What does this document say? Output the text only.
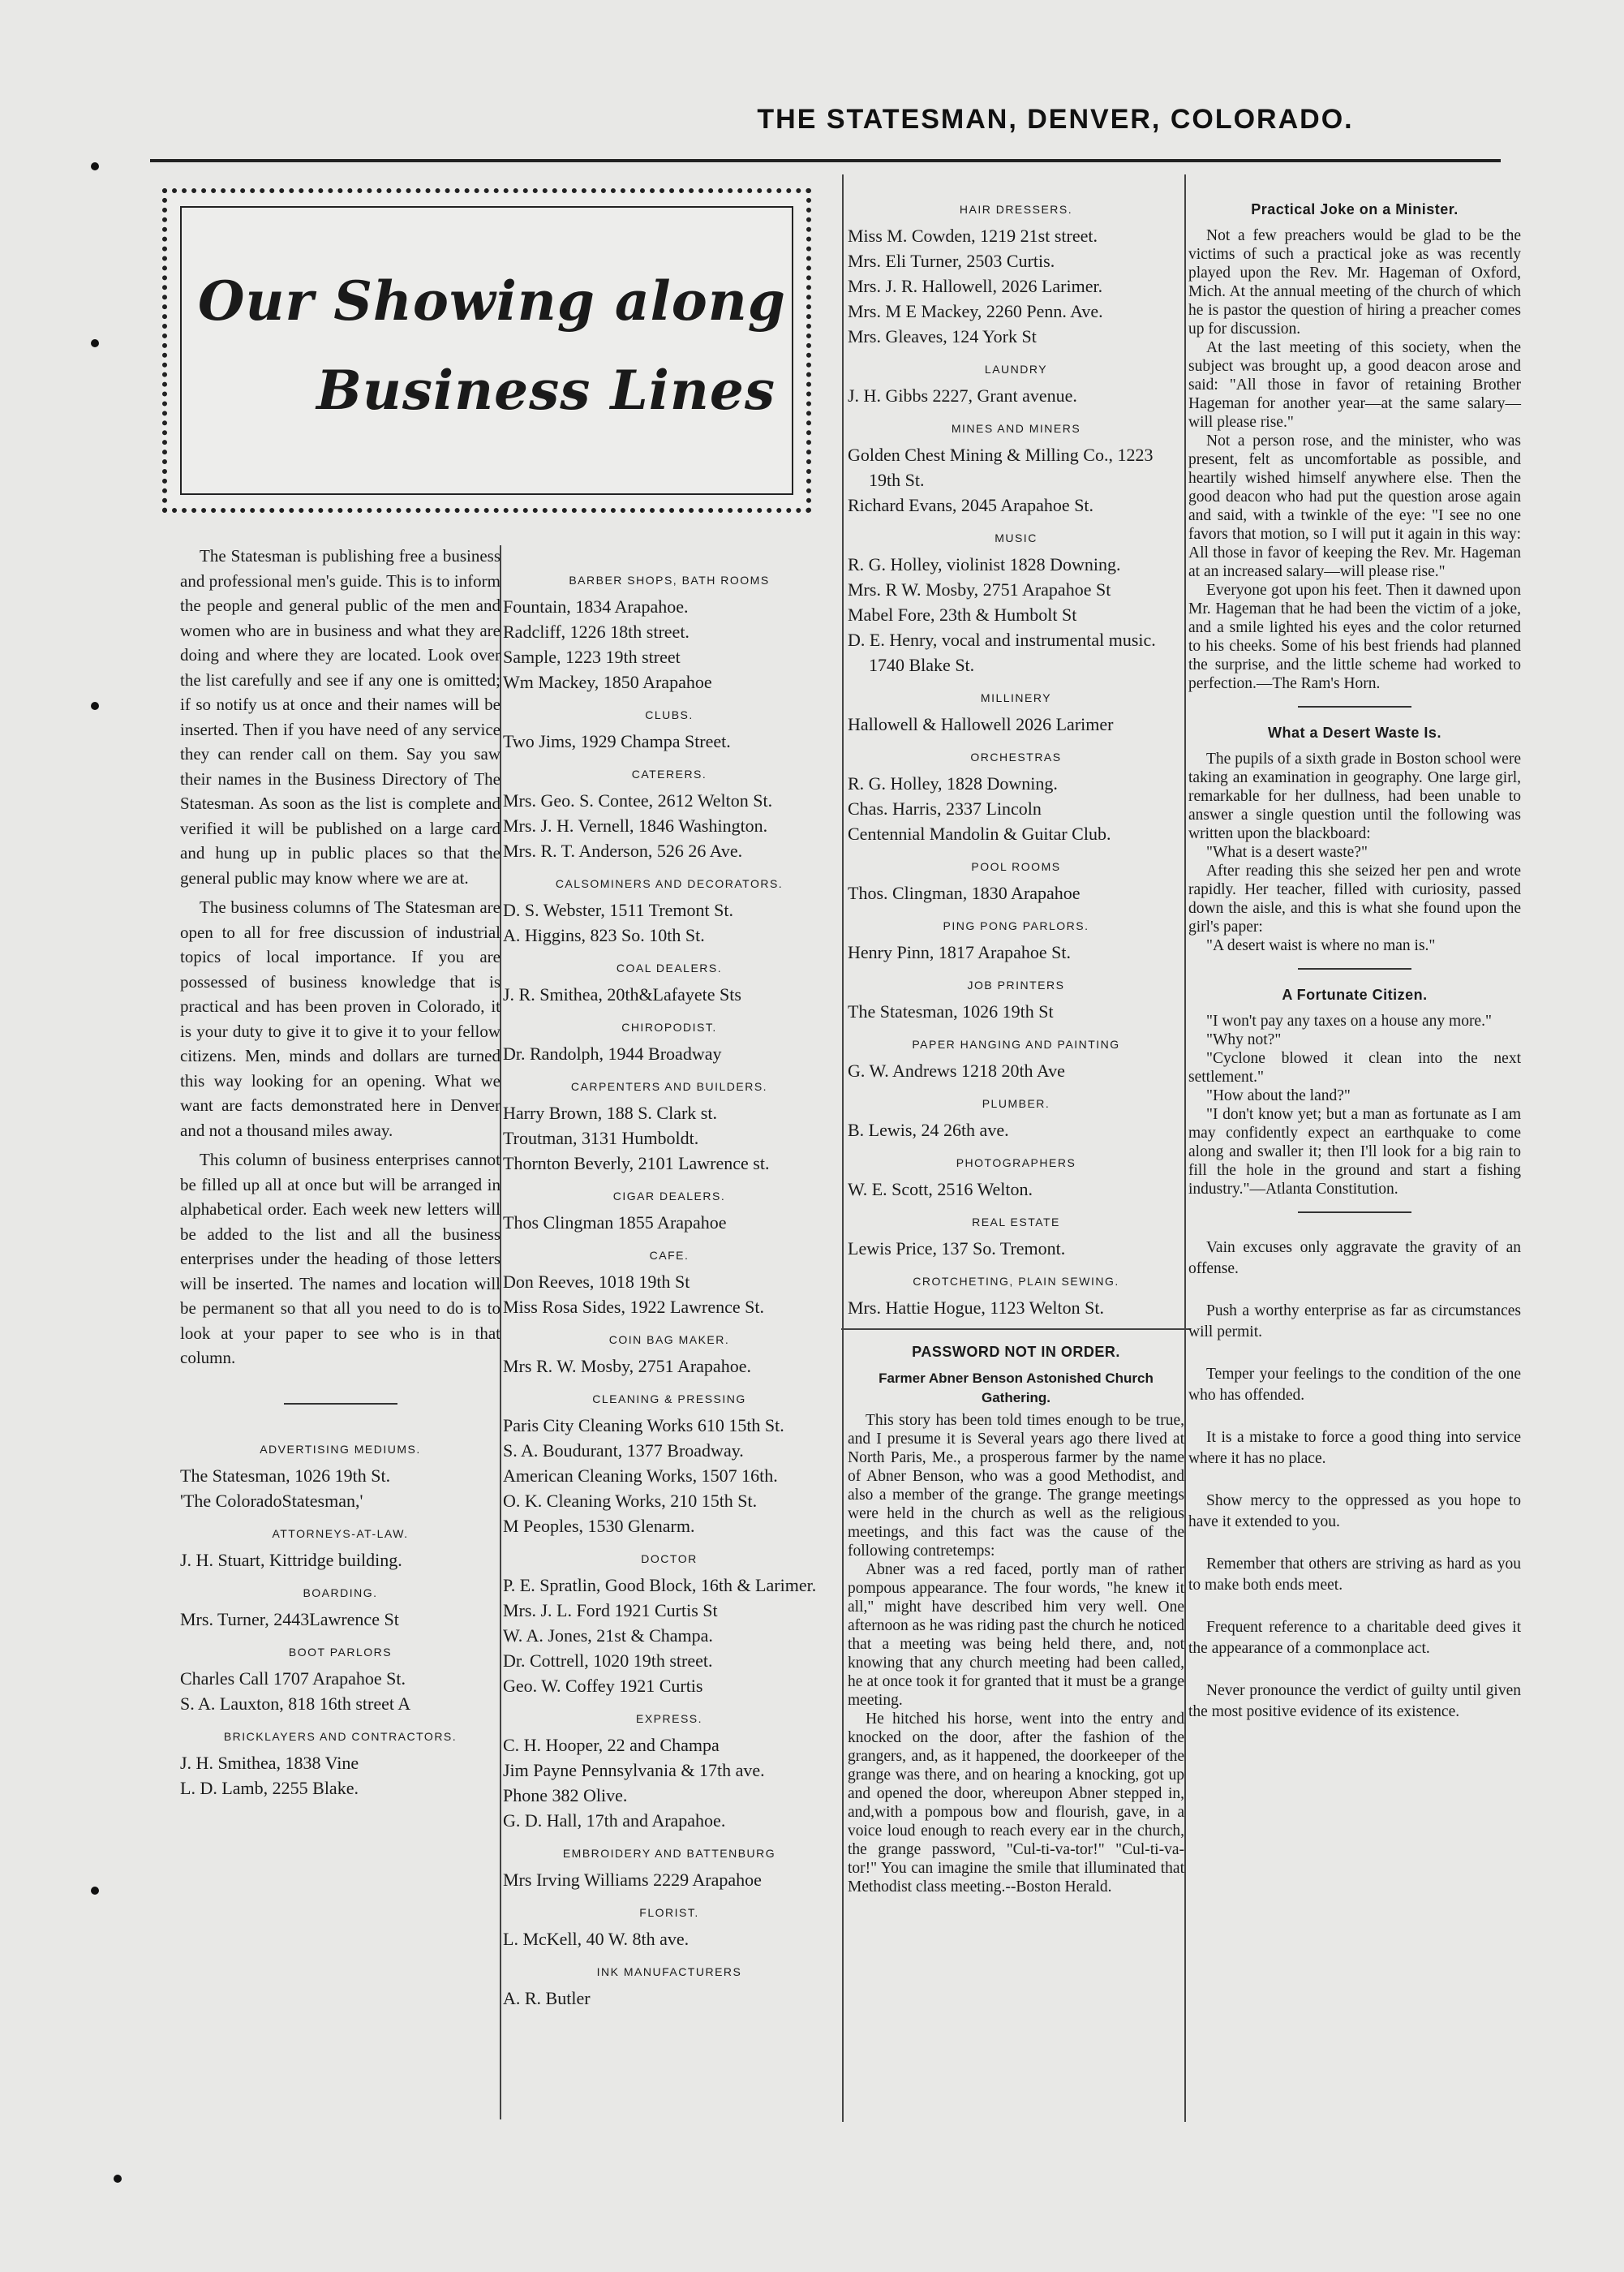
THE STATESMAN, DENVER, COLORADO.
Our Showing along
Business Lines

The Statesman is publishing free a business and professional men's guide. This is to inform the people and general public of the men and women who are in business and what they are doing and where they are located. Look over the list carefully and see if any one is omitted; if so notify us at once and their names will be inserted. Then if you have need of any service they can render call on them. Say you saw their names in the Business Directory of The Statesman. As soon as the list is complete and verified it will be published on a large card and hung up in public places so that the general public may know where we are at.

The business columns of The Statesman are open to all for free discussion of industrial topics of local importance. If you are possessed of business knowledge that is practical and has been proven in Colorado, it is your duty to give it to give it to your fellow citizens. Men, minds and dollars are turned this way looking for an opening. What we want are facts demonstrated here in Denver and not a thousand miles away.

This column of business enterprises cannot be filled up all at once but will be arranged in alphabetical order. Each week new letters will be added to the list and all the business enterprises under the heading of those letters will be inserted. The names and location will be permanent so that all you need to do is to look at your paper to see who is in that column.

ADVERTISING MEDIUMS.

The Statesman, 1026 19th St.

'The ColoradoStatesman,'

ATTORNEYS-AT-LAW.

J. H. Stuart, Kittridge building.

BOARDING.

Mrs. Turner, 2443Lawrence St

BOOT PARLORS

Charles Call 1707 Arapahoe St.

S. A. Lauxton, 818 16th street A

BRICKLAYERS AND CONTRACTORS.

J. H. Smithea, 1838 Vine

L. D. Lamb, 2255 Blake.

BARBER SHOPS, BATH ROOMS

Fountain, 1834 Arapahoe.

Radcliff, 1226 18th street.

Sample, 1223 19th street

Wm Mackey, 1850 Arapahoe

CLUBS.

Two Jims, 1929 Champa Street.

CATERERS.

Mrs. Geo. S. Contee, 2612 Welton St.

Mrs. J. H. Vernell, 1846 Washington.

Mrs. R. T. Anderson, 526 26 Ave.

CALSOMINERS AND DECORATORS.

D. S. Webster, 1511 Tremont St.

A. Higgins, 823 So. 10th St.

COAL DEALERS.

J. R. Smithea, 20th&Lafayete Sts

CHIROPODIST.

Dr. Randolph, 1944 Broadway

CARPENTERS AND BUILDERS.

Harry Brown, 188 S. Clark st.

Troutman, 3131 Humboldt.

Thornton Beverly, 2101 Lawrence st.

CIGAR DEALERS.

Thos Clingman 1855 Arapahoe

CAFE.

Don Reeves, 1018 19th St

Miss Rosa Sides, 1922 Lawrence St.

COIN BAG MAKER.

Mrs R. W. Mosby, 2751 Arapahoe.

CLEANING & PRESSING

Paris City Cleaning Works 610 15th St.

S. A. Boudurant, 1377 Broadway.

American Cleaning Works, 1507 16th.

O. K. Cleaning Works, 210 15th St.

M Peoples, 1530 Glenarm.

DOCTOR

P. E. Spratlin, Good Block, 16th & Larimer.

Mrs. J. L. Ford 1921 Curtis St

W. A. Jones, 21st & Champa.

Dr. Cottrell, 1020 19th street.

Geo. W. Coffey 1921 Curtis

EXPRESS.

C. H. Hooper, 22 and Champa

Jim Payne Pennsylvania & 17th ave.

Phone 382 Olive.

G. D. Hall, 17th and Arapahoe.

EMBROIDERY AND BATTENBURG

Mrs Irving Williams 2229 Arapahoe

FLORIST.

L. McKell, 40 W. 8th ave.

INK MANUFACTURERS

A. R. Butler

HAIR DRESSERS.

Miss M. Cowden, 1219 21st street.

Mrs. Eli Turner, 2503 Curtis.

Mrs. J. R. Hallowell, 2026 Larimer.

Mrs. M E Mackey, 2260 Penn. Ave.

Mrs. Gleaves, 124 York St

LAUNDRY

J. H. Gibbs 2227, Grant avenue.

MINES AND MINERS

Golden Chest Mining & Milling Co., 1223 19th St.

Richard Evans, 2045 Arapahoe St.

MUSIC

R. G. Holley, violinist 1828 Downing.

Mrs. R W. Mosby, 2751 Arapahoe St

Mabel Fore, 23th & Humbolt St

D. E. Henry, vocal and instrumental music. 1740 Blake St.

MILLINERY

Hallowell & Hallowell 2026 Larimer

ORCHESTRAS

R. G. Holley, 1828 Downing.

Chas. Harris, 2337 Lincoln

Centennial Mandolin & Guitar Club.

POOL ROOMS

Thos. Clingman, 1830 Arapahoe

PING PONG PARLORS.

Henry Pinn, 1817 Arapahoe St.

JOB PRINTERS

The Statesman, 1026 19th St

PAPER HANGING AND PAINTING

G. W. Andrews 1218 20th Ave

PLUMBER.

B. Lewis, 24 26th ave.

PHOTOGRAPHERS

W. E. Scott, 2516 Welton.

REAL ESTATE

Lewis Price, 137 So. Tremont.

CROTCHETING, PLAIN SEWING.

Mrs. Hattie Hogue, 1123 Welton St.

PASSWORD NOT IN ORDER.
Farmer Abner Benson Astonished Church Gathering.

This story has been told times enough to be true, and I presume it is Several years ago there lived at North Paris, Me., a prosperous farmer by the name of Abner Benson, who was a good Methodist, and also a member of the grange. The grange meetings were held in the church as well as the religious meetings, and this fact was the cause of the following contretemps:

Abner was a red faced, portly man of rather pompous appearance. The four words, "he knew it all," might have described him very well. One afternoon as he was riding past the church he noticed that a meeting was being held there, and, not knowing that any church meeting had been called, he at once took it for granted that it must be a grange meeting.

He hitched his horse, went into the entry and knocked on the door, after the fashion of the grangers, and, as it happened, the doorkeeper of the grange was there, and on hearing a knocking, got up and opened the door, whereupon Abner stepped in, and,with a pompous bow and flourish, gave, in a voice loud enough to reach every ear in the church, the grange password, "Cul-ti-va-tor!" "Cul-ti-va-tor!" You can imagine the smile that illuminated that Methodist class meeting.--Boston Herald.

Practical Joke on a Minister.

Not a few preachers would be glad to be the victims of such a practical joke as was recently played upon the Rev. Mr. Hageman of Oxford, Mich. At the annual meeting of the church of which he is pastor the question of hiring a preacher comes up for discussion.

At the last meeting of this society, when the subject was brought up, a good deacon arose and said: "All those in favor of retaining Brother Hageman for another year—at the same salary—will please rise."

Not a person rose, and the minister, who was present, felt as uncomfortable as possible, and heartily wished himself anywhere else. Then the good deacon who had put the question arose again and said, with a twinkle of the eye: "I see no one favors that motion, so I will put it again in this way: All those in favor of keeping the Rev. Mr. Hageman at an increased salary—will please rise."

Everyone got upon his feet. Then it dawned upon Mr. Hageman that he had been the victim of a joke, and a smile lighted his eyes and the color returned to his cheeks. Some of his best friends had planned the surprise, and the little scheme had worked to perfection.—The Ram's Horn.

What a Desert Waste Is.

The pupils of a sixth grade in Boston school were taking an examination in geography. One large girl, remarkable for her dullness, had been unable to answer a single question until the following was written upon the blackboard:

"What is a desert waste?"

After reading this she seized her pen and wrote rapidly. Her teacher, filled with curiosity, passed down the aisle, and this is what she found upon the girl's paper:

"A desert waist is where no man is."

A Fortunate Citizen.

"I won't pay any taxes on a house any more."

"Why not?"

"Cyclone blowed it clean into the next settlement."

"How about the land?"

"I don't know yet; but a man as fortunate as I am may confidently expect an earthquake to come along and swaller it; then I'll look for a big rain to fill the hole in the ground and start a fishing industry."—Atlanta Constitution.

Vain excuses only aggravate the gravity of an offense.

Push a worthy enterprise as far as circumstances will permit.

Temper your feelings to the condition of the one who has offended.

It is a mistake to force a good thing into service where it has no place.

Show mercy to the oppressed as you hope to have it extended to you.

Remember that others are striving as hard as you to make both ends meet.

Frequent reference to a charitable deed gives it the appearance of a commonplace act.

Never pronounce the verdict of guilty until given the most positive evidence of its existence.
